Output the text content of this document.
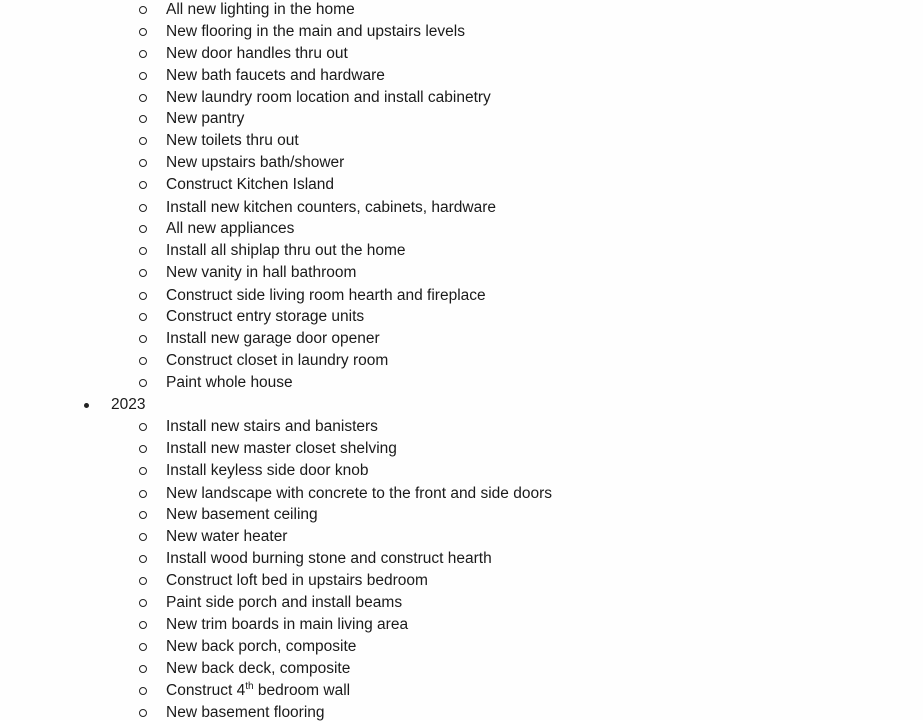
All new lighting in the home
New flooring in the main and upstairs levels
New door handles thru out
New bath faucets and hardware
New laundry room location and install cabinetry
New pantry
New toilets thru out
New upstairs bath/shower
Construct Kitchen Island
Install new kitchen counters, cabinets, hardware
All new appliances
Install all shiplap thru out the home
New vanity in hall bathroom
Construct side living room hearth and fireplace
Construct entry storage units
Install new garage door opener
Construct closet in laundry room
Paint whole house
2023
Install new stairs and banisters
Install new master closet shelving
Install keyless side door knob
New landscape with concrete to the front and side doors
New basement ceiling
New water heater
Install wood burning stone and construct hearth
Construct loft bed in upstairs bedroom
Paint side porch and install beams
New trim boards in main living area
New back porch, composite
New back deck, composite
Construct 4th bedroom wall
New basement flooring
